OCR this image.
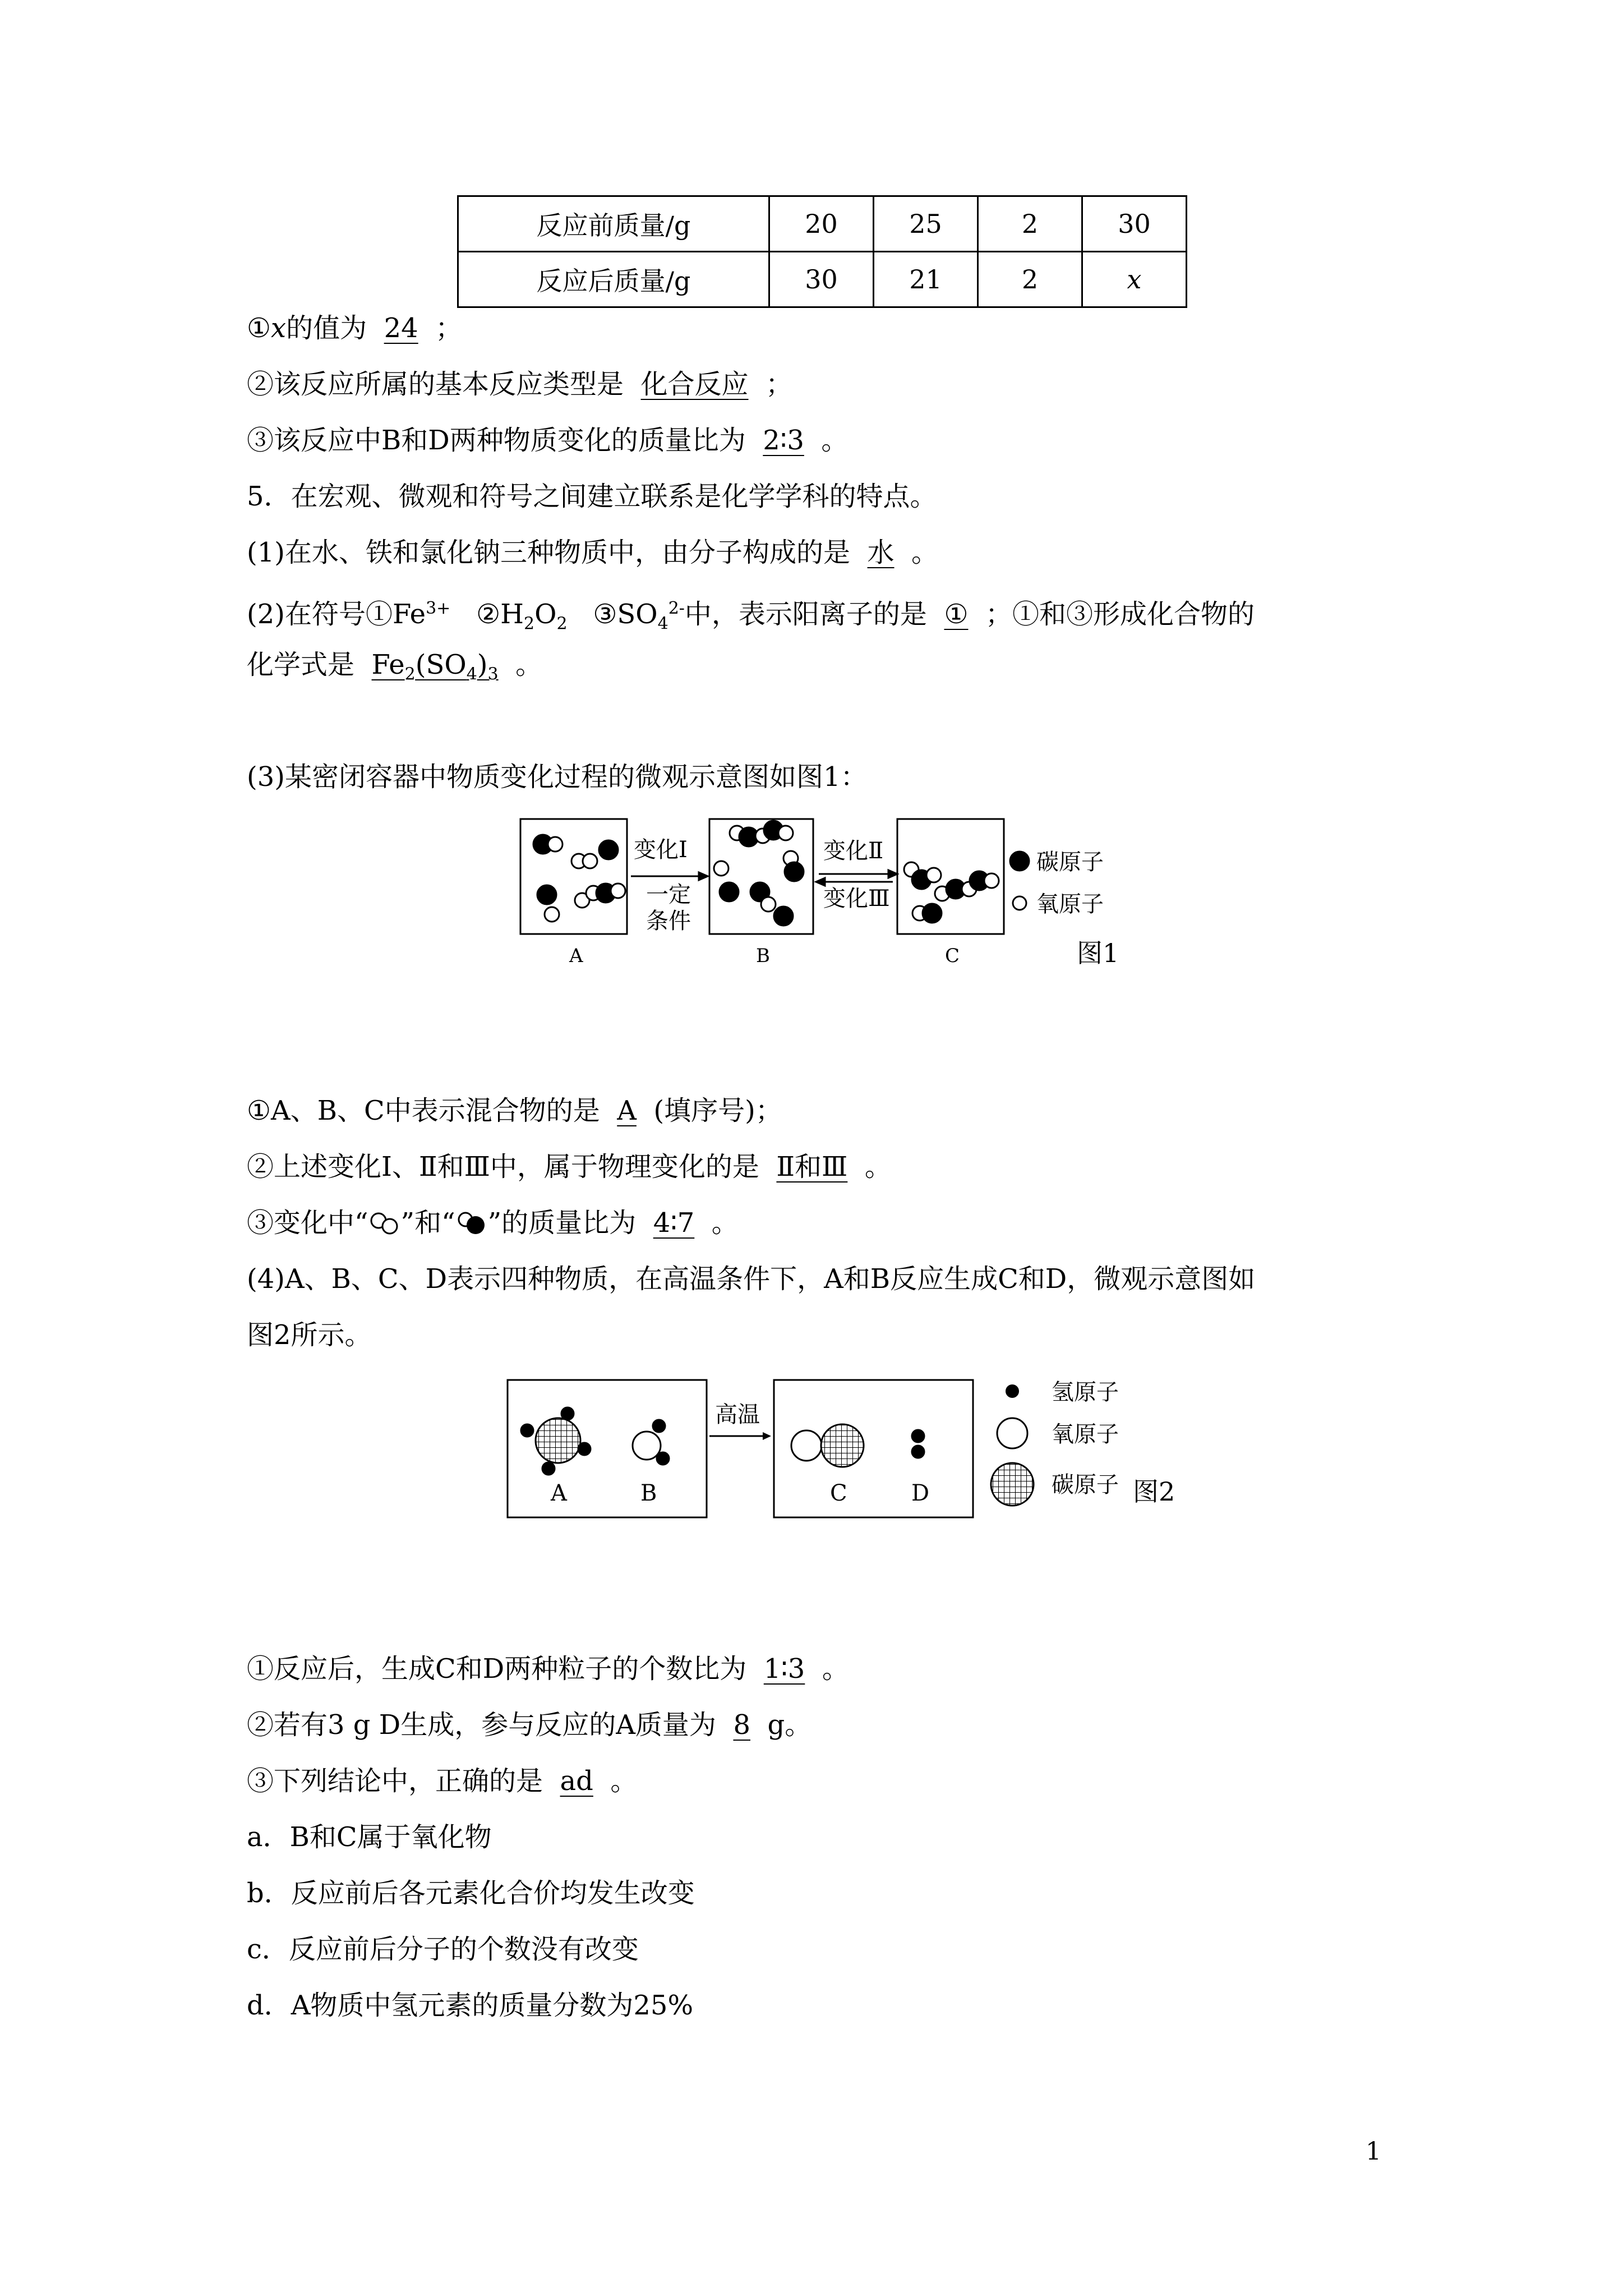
反应前质量/g	20	25	2	30
反应后质量/g	30	21	2	x
①x的值为 24 ；
②该反应所属的基本反应类型是 化合反应 ；
③该反应中B和D两种物质变化的质量比为 2∶3 。
5．在宏观、微观和符号之间建立联系是化学学科的特点。
(1)在水、铁和氯化钠三种物质中，由分子构成的是 水 。
(2)在符号$①Fe^{3+}$ $②H_2O_2$ $③SO_4^{2-}$中，表示阳离子的是 ① ；①和③形成化合物的
化学式是 $Fe_2(SO_4)_3$ 。
(3)某密闭容器中物质变化过程的微观示意图如图1：
变化Ⅰ
一定
条件
变化Ⅱ
变化Ⅲ
碳原子
氧原子
A	B	C	图1
①A、B、C中表示混合物的是 A (填序号)；
②上述变化Ⅰ、Ⅱ和Ⅲ中，属于物理变化的是 Ⅱ和Ⅲ 。
③变化中“ ”和“ ”的质量比为 4∶7 。
(4)A、B、C、D表示四种物质，在高温条件下，A和B反应生成C和D，微观示意图如
图2所示。
高温
A	B	C	D
氢原子
氧原子
碳原子 图2
①反应后，生成C和D两种粒子的个数比为 1∶3 。
②若有3 g D生成，参与反应的A质量为 8 g。
③下列结论中，正确的是 ad 。
a．B和C属于氧化物
b．反应前后各元素化合价均发生改变
c．反应前后分子的个数没有改变
d．A物质中氢元素的质量分数为25%
1
